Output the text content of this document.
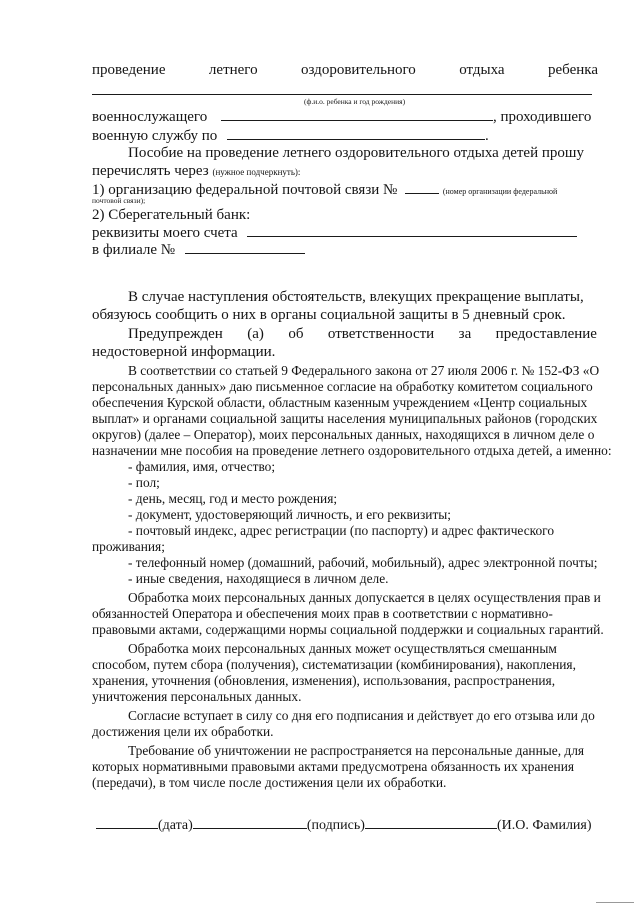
проведение	летнего	оздоровительного	отдыха	ребенка
(ф.и.о. ребенка и год рождения)
военнослужащего	, проходившего
военную службу по	.
Пособие на проведение летнего оздоровительного отдыха детей прошу
перечислять через (нужное подчеркнуть):
1) организацию федеральной почтовой связи №	(номер организации федеральной
почтовой связи);
2) Сберегательный банк:
реквизиты моего счета
в филиале №
В случае наступления обстоятельств, влекущих прекращение выплаты,
обязуюсь сообщить о них в органы социальной защиты в 5 дневный срок.
Предупрежден (а) об ответственности за предоставление
недостоверной информации.
В соответствии со статьей 9 Федерального закона от 27 июля 2006 г. № 152-ФЗ «О
персональных данных» даю письменное согласие на обработку комитетом социального
обеспечения Курской области, областным казенным учреждением «Центр социальных
выплат» и органами социальной защиты населения муниципальных районов (городских
округов) (далее – Оператор), моих персональных данных, находящихся в личном деле о
назначении мне пособия на проведение летнего оздоровительного отдыха детей, а именно:
- фамилия, имя, отчество;
- пол;
- день, месяц, год и место рождения;
- документ, удостоверяющий личность, и его реквизиты;
- почтовый индекс, адрес регистрации (по паспорту) и адрес фактического
проживания;
- телефонный номер (домашний, рабочий, мобильный), адрес электронной почты;
- иные сведения, находящиеся в личном деле.
Обработка моих персональных данных допускается в целях осуществления прав и
обязанностей Оператора и обеспечения моих прав в соответствии с нормативно-
правовыми актами, содержащими нормы социальной поддержки и социальных гарантий.
Обработка моих персональных данных может осуществляться смешанным
способом, путем сбора (получения), систематизации (комбинирования), накопления,
хранения, уточнения (обновления, изменения), использования, распространения,
уничтожения персональных данных.
Согласие вступает в силу со дня его подписания и действует до его отзыва или до
достижения цели их обработки.
Требование об уничтожении не распространяется на персональные данные, для
которых нормативными правовыми актами предусмотрена обязанность их хранения
(передачи), в том числе после достижения цели их обработки.
(дата)	(подпись)	(И.О. Фамилия)
